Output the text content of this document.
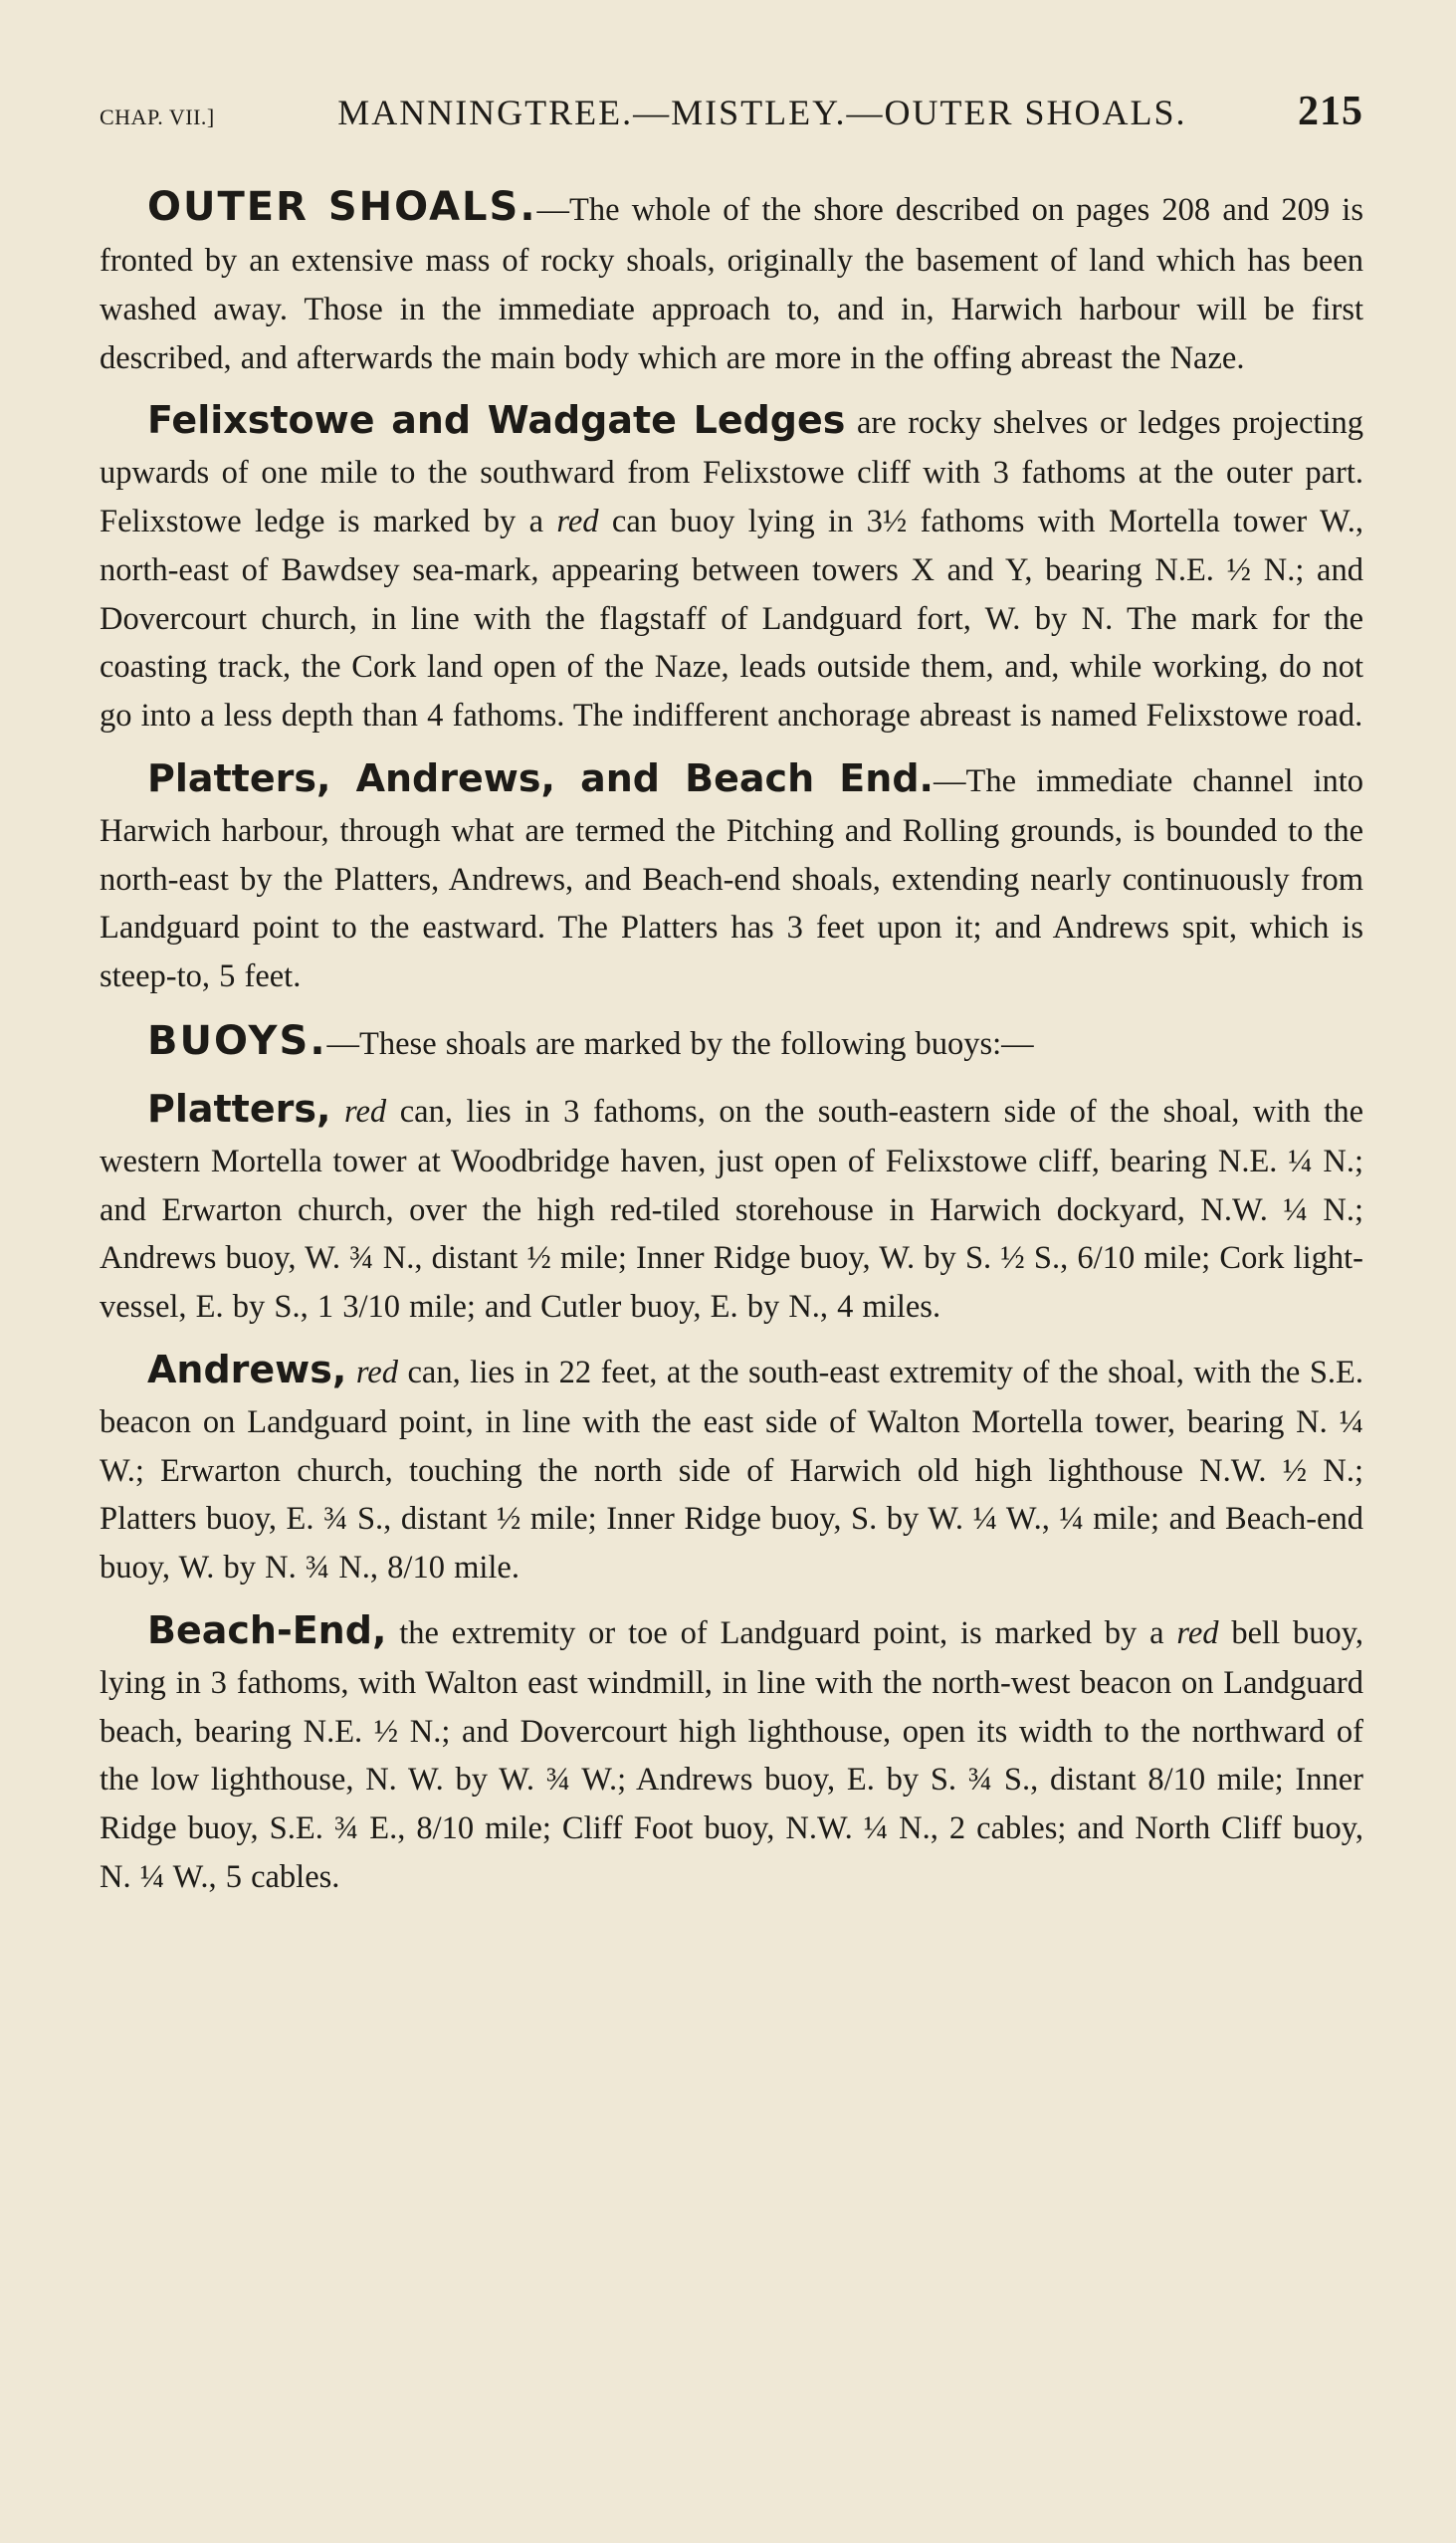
CHAP. VII.]	MANNINGTREE.—MISTLEY.—OUTER SHOALS.	215

OUTER SHOALS.—The whole of the shore described on pages 208 and 209 is fronted by an extensive mass of rocky shoals, originally the basement of land which has been washed away. Those in the immediate approach to, and in, Harwich harbour will be first described, and afterwards the main body which are more in the offing abreast the Naze.

Felixstowe and Wadgate Ledges are rocky shelves or ledges projecting upwards of one mile to the southward from Felixstowe cliff with 3 fathoms at the outer part. Felixstowe ledge is marked by a red can buoy lying in 3½ fathoms with Mortella tower W., north-east of Bawdsey sea-mark, appearing between towers X and Y, bearing N.E. ½ N.; and Dovercourt church, in line with the flagstaff of Landguard fort, W. by N. The mark for the coasting track, the Cork land open of the Naze, leads outside them, and, while working, do not go into a less depth than 4 fathoms. The indifferent anchorage abreast is named Felixstowe road.

Platters, Andrews, and Beach End.—The immediate channel into Harwich harbour, through what are termed the Pitching and Rolling grounds, is bounded to the north-east by the Platters, Andrews, and Beach-end shoals, extending nearly continuously from Landguard point to the eastward. The Platters has 3 feet upon it; and Andrews spit, which is steep-to, 5 feet.

BUOYS.—These shoals are marked by the following buoys:—

Platters, red can, lies in 3 fathoms, on the south-eastern side of the shoal, with the western Mortella tower at Woodbridge haven, just open of Felixstowe cliff, bearing N.E. ¼ N.; and Erwarton church, over the high red-tiled storehouse in Harwich dockyard, N.W. ¼ N.; Andrews buoy, W. ¾ N., distant ½ mile; Inner Ridge buoy, W. by S. ½ S., 6/10 mile; Cork light-vessel, E. by S., 1 3/10 mile; and Cutler buoy, E. by N., 4 miles.

Andrews, red can, lies in 22 feet, at the south-east extremity of the shoal, with the S.E. beacon on Landguard point, in line with the east side of Walton Mortella tower, bearing N. ¼ W.; Erwarton church, touching the north side of Harwich old high lighthouse N.W. ½ N.; Platters buoy, E. ¾ S., distant ½ mile; Inner Ridge buoy, S. by W. ¼ W., ¼ mile; and Beach-end buoy, W. by N. ¾ N., 8/10 mile.

Beach-End, the extremity or toe of Landguard point, is marked by a red bell buoy, lying in 3 fathoms, with Walton east windmill, in line with the north-west beacon on Landguard beach, bearing N.E. ½ N.; and Dovercourt high lighthouse, open its width to the northward of the low lighthouse, N. W. by W. ¾ W.; Andrews buoy, E. by S. ¾ S., distant 8/10 mile; Inner Ridge buoy, S.E. ¾ E., 8/10 mile; Cliff Foot buoy, N.W. ¼ N., 2 cables; and North Cliff buoy, N. ¼ W., 5 cables.
